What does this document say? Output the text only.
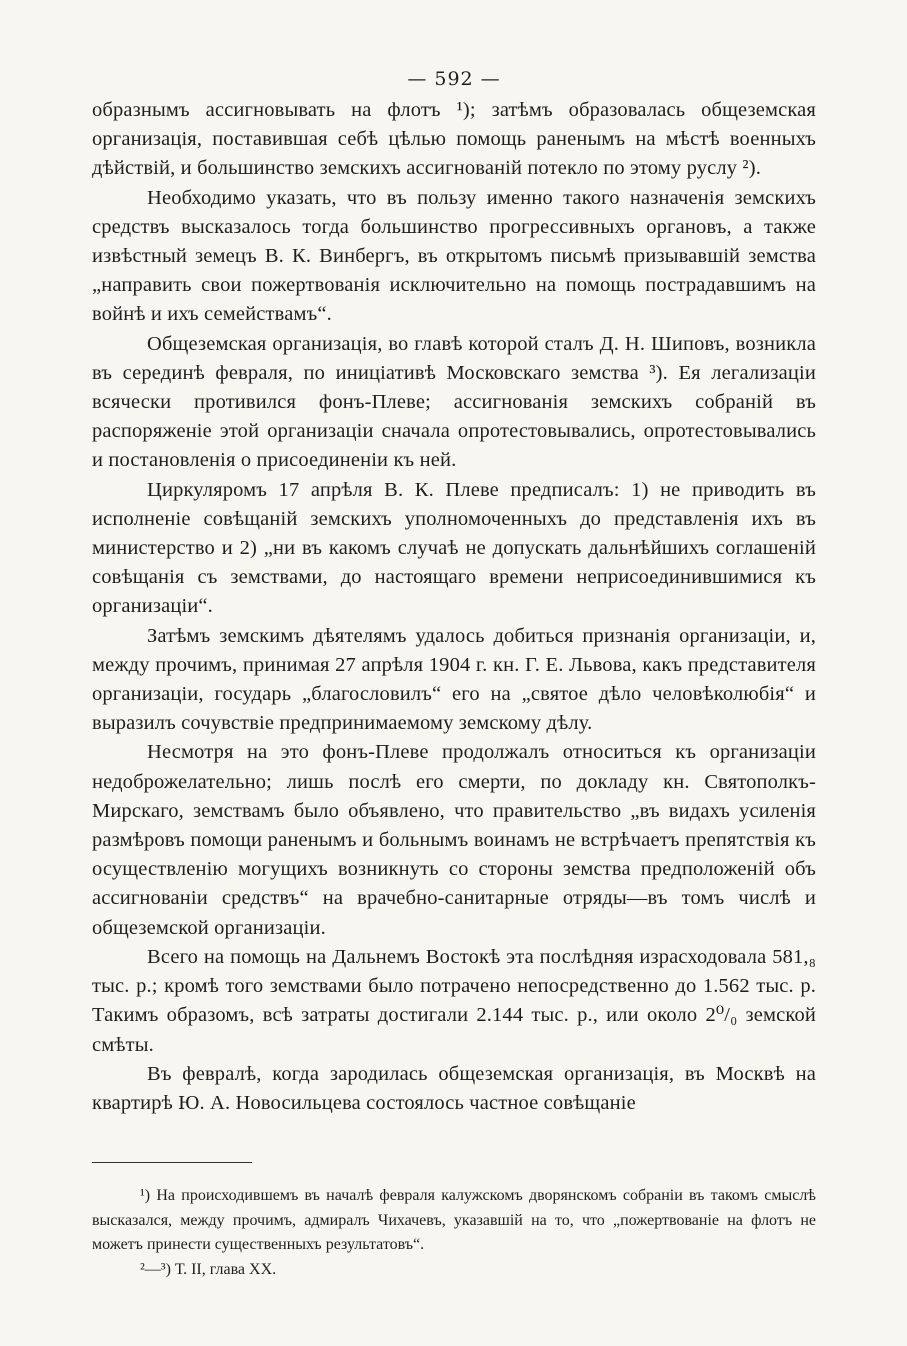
— 592 —

образнымъ ассигновывать на флотъ ¹); затѣмъ образовалась общеземская организація, поставившая себѣ цѣлью помощь раненымъ на мѣстѣ военныхъ дѣйствій, и большинство земскихъ ассигнованій потекло по этому руслу ²).

Необходимо указать, что въ пользу именно такого назначенія земскихъ средствъ высказалось тогда большинство прогрессивныхъ органовъ, а также извѣстный земецъ В. К. Винбергъ, въ открытомъ письмѣ призывавшій земства „направить свои пожертвованія исключительно на помощь пострадавшимъ на войнѣ и ихъ семействамъ“.

Общеземская организація, во главѣ которой сталъ Д. Н. Шиповъ, возникла въ серединѣ февраля, по иниціативѣ Московскаго земства ³). Ея легализаціи всячески противился фонъ-Плеве; ассигнованія земскихъ собраній въ распоряженіе этой организаціи сначала опротестовывались, опротестовывались и постановленія о присоединеніи къ ней.

Циркуляромъ 17 апрѣля В. К. Плеве предписалъ: 1) не приводить въ исполненіе совѣщаній земскихъ уполномоченныхъ до представленія ихъ въ министерство и 2) „ни въ какомъ случаѣ не допускать дальнѣйшихъ соглашеній совѣщанія съ земствами, до настоящаго времени неприсоединившимися къ организаціи“.

Затѣмъ земскимъ дѣятелямъ удалось добиться признанія организаціи, и, между прочимъ, принимая 27 апрѣля 1904 г. кн. Г. Е. Львова, какъ представителя организаціи, государь „благословилъ“ его на „святое дѣло человѣколюбія“ и выразилъ сочувствіе предпринимаемому земскому дѣлу.

Несмотря на это фонъ-Плеве продолжалъ относиться къ организаціи недоброжелательно; лишь послѣ его смерти, по докладу кн. Святополкъ-Мирскаго, земствамъ было объявлено, что правительство „въ видахъ усиленія размѣровъ помощи раненымъ и больнымъ воинамъ не встрѣчаетъ препятствія къ осуществленію могущихъ возникнуть со стороны земства предположеній объ ассигнованіи средствъ“ на врачебно-санитарные отряды—въ томъ числѣ и общеземской организаціи.

Всего на помощь на Дальнемъ Востокѣ эта послѣдняя израсходовала 581,₈ тыс. р.; кромѣ того земствами было потрачено непосредственно до 1.562 тыс. р. Такимъ образомъ, всѣ затраты достигали 2.144 тыс. р., или около 2⁰/₀ земской смѣты.

Въ февралѣ, когда зародилась общеземская организація, въ Москвѣ на квартирѣ Ю. А. Новосильцева состоялось частное совѣщаніе

¹) На происходившемъ въ началѣ февраля калужскомъ дворянскомъ собраніи въ такомъ смыслѣ высказался, между прочимъ, адмиралъ Чихачевъ, указавшій на то, что „пожертвованіе на флотъ не можетъ принести существенныхъ результатовъ“.

²—³) Т. II, глава XX.
